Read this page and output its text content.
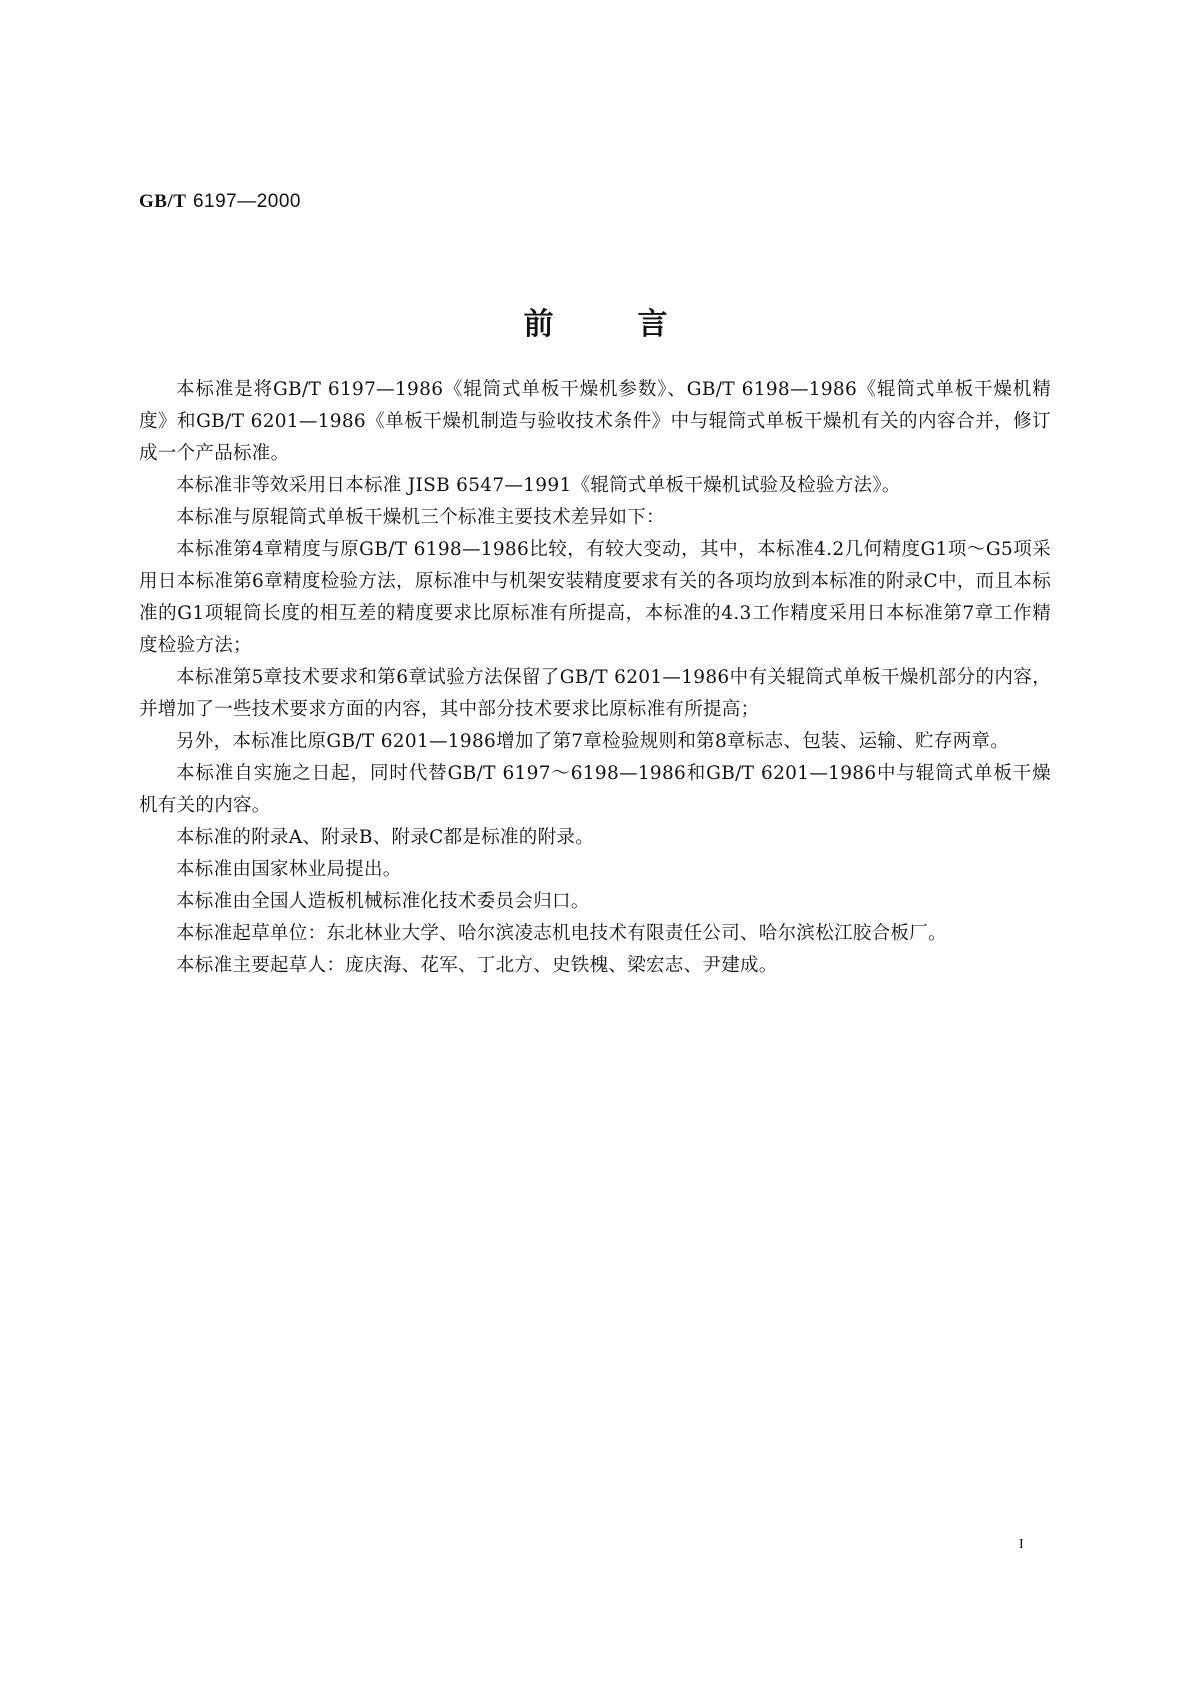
GB/T 6197—2000
前言

本标准是将GB/T 6197—1986《辊筒式单板干燥机参数》、GB/T 6198—1986《辊筒式单板干燥机精度》和GB/T 6201—1986《单板干燥机制造与验收技术条件》中与辊筒式单板干燥机有关的内容合并，修订成一个产品标准。

本标准非等效采用日本标准 JISB 6547—1991《辊筒式单板干燥机试验及检验方法》。

本标准与原辊筒式单板干燥机三个标准主要技术差异如下：

本标准第4章精度与原GB/T 6198—1986比较，有较大变动，其中，本标准4.2几何精度G1项～G5项采用日本标准第6章精度检验方法，原标准中与机架安装精度要求有关的各项均放到本标准的附录C中，而且本标准的G1项辊筒长度的相互差的精度要求比原标准有所提高，本标准的4.3工作精度采用日本标准第7章工作精度检验方法；

本标准第5章技术要求和第6章试验方法保留了GB/T 6201—1986中有关辊筒式单板干燥机部分的内容，并增加了一些技术要求方面的内容，其中部分技术要求比原标准有所提高；

另外，本标准比原GB/T 6201—1986增加了第7章检验规则和第8章标志、包装、运输、贮存两章。

本标准自实施之日起，同时代替GB/T 6197～6198—1986和GB/T 6201—1986中与辊筒式单板干燥机有关的内容。

本标准的附录A、附录B、附录C都是标准的附录。

本标准由国家林业局提出。

本标准由全国人造板机械标准化技术委员会归口。

本标准起草单位：东北林业大学、哈尔滨凌志机电技术有限责任公司、哈尔滨松江胶合板厂。

本标准主要起草人：庞庆海、花军、丁北方、史铁槐、梁宏志、尹建成。

I
